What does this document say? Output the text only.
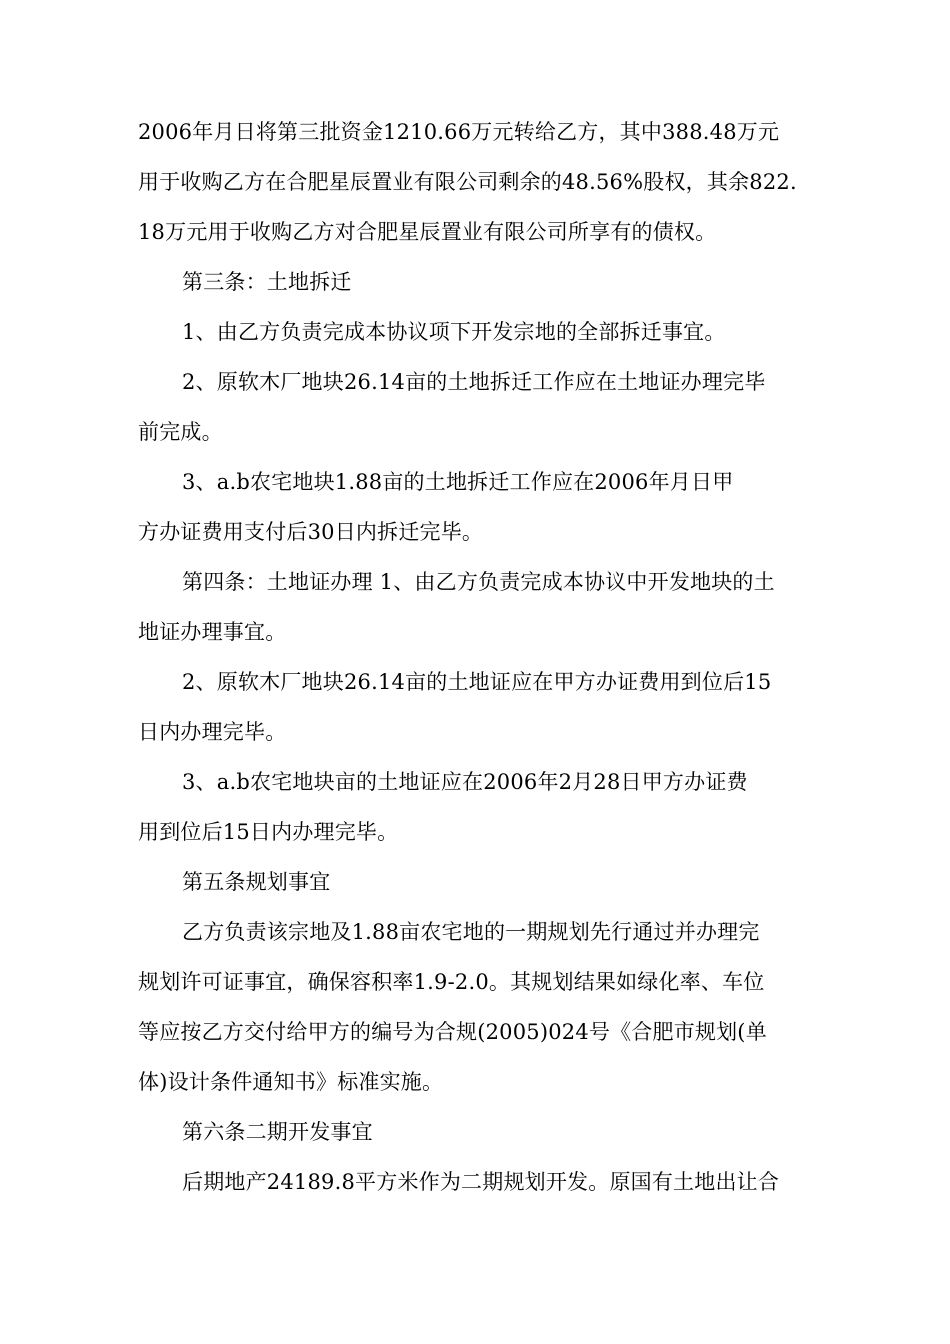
2006年月日将第三批资金1210.66万元转给乙方，其中388.48万元
用于收购乙方在合肥星辰置业有限公司剩余的48.56%股权，其余822.
18万元用于收购乙方对合肥星辰置业有限公司所享有的债权。
第三条：土地拆迁
1、由乙方负责完成本协议项下开发宗地的全部拆迁事宜。
2、原软木厂地块26.14亩的土地拆迁工作应在土地证办理完毕
前完成。
3、a.b农宅地块1.88亩的土地拆迁工作应在2006年月日甲
方办证费用支付后30日内拆迁完毕。
第四条：土地证办理 1、由乙方负责完成本协议中开发地块的土
地证办理事宜。
2、原软木厂地块26.14亩的土地证应在甲方办证费用到位后15
日内办理完毕。
3、a.b农宅地块亩的土地证应在2006年2月28日甲方办证费
用到位后15日内办理完毕。
第五条规划事宜
乙方负责该宗地及1.88亩农宅地的一期规划先行通过并办理完
规划许可证事宜，确保容积率1.9-2.0。其规划结果如绿化率、车位
等应按乙方交付给甲方的编号为合规(2005)024号《合肥市规划(单
体)设计条件通知书》标准实施。
第六条二期开发事宜
后期地产24189.8平方米作为二期规划开发。原国有土地出让合
